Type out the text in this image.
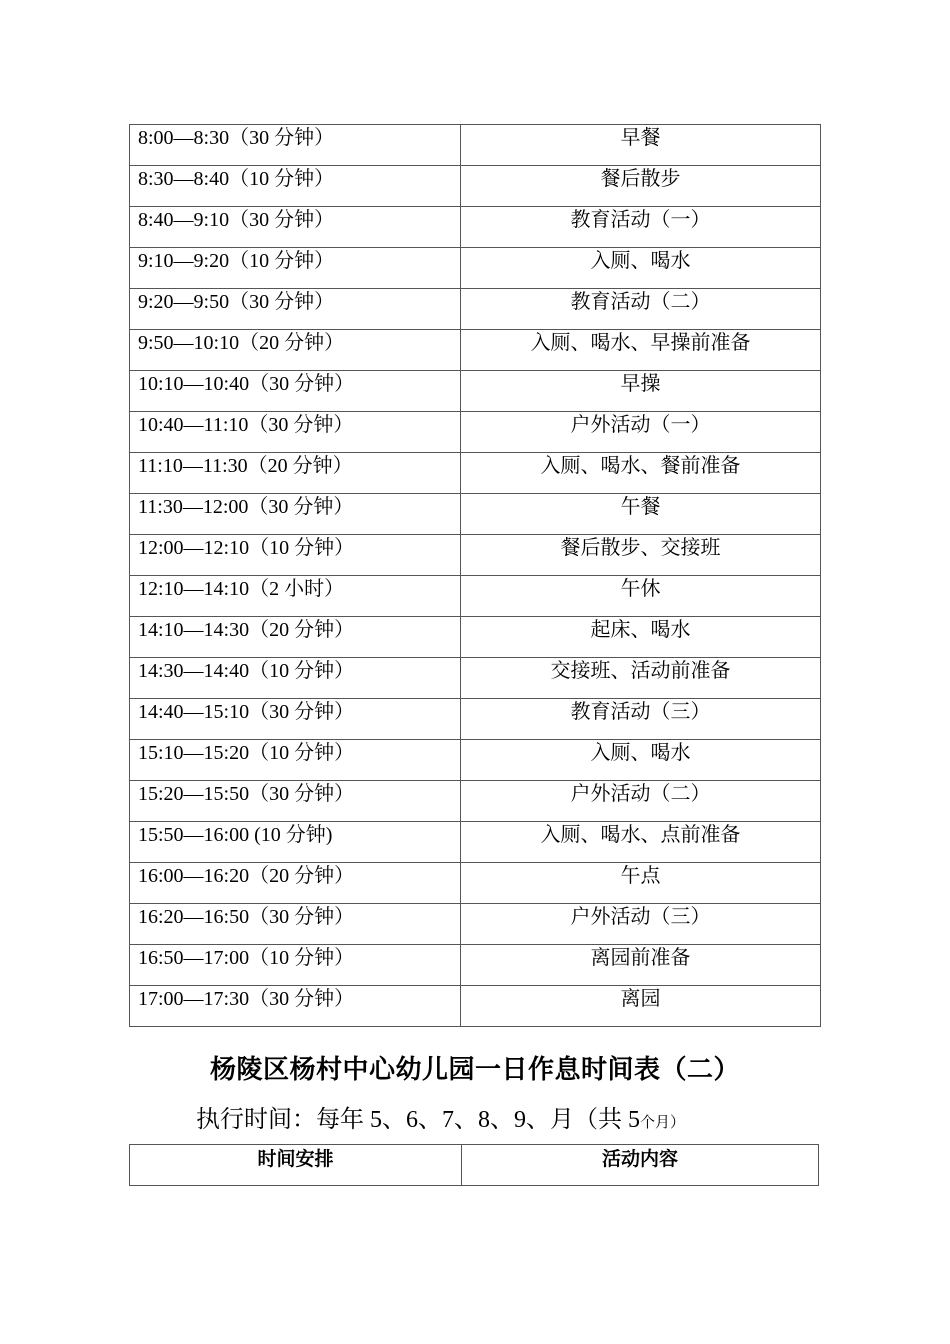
8:00—8:30（30 分钟）	早餐
8:30—8:40（10 分钟）	餐后散步
8:40—9:10（30 分钟）	教育活动（一）
9:10—9:20（10 分钟）	入厕、喝水
9:20—9:50（30 分钟）	教育活动（二）
9:50—10:10（20 分钟）	入厕、喝水、早操前准备
10:10—10:40（30 分钟）	早操
10:40—11:10（30 分钟）	户外活动（一）
11:10—11:30（20 分钟）	入厕、喝水、餐前准备
11:30—12:00（30 分钟）	午餐
12:00—12:10（10 分钟）	餐后散步、交接班
12:10—14:10（2 小时）	午休
14:10—14:30（20 分钟）	起床、喝水
14:30—14:40（10 分钟）	交接班、活动前准备
14:40—15:10（30 分钟）	教育活动（三）
15:10—15:20（10 分钟）	入厕、喝水
15:20—15:50（30 分钟）	户外活动（二）
15:50—16:00 (10 分钟)	入厕、喝水、点前准备
16:00—16:20（20 分钟）	午点
16:20—16:50（30 分钟）	户外活动（三）
16:50—17:00（10 分钟）	离园前准备
17:00—17:30（30 分钟）	离园
杨陵区杨村中心幼儿园一日作息时间表（二）
执行时间：每年 5、6、7、8、9、月（共 5个月）
时间安排	活动内容
